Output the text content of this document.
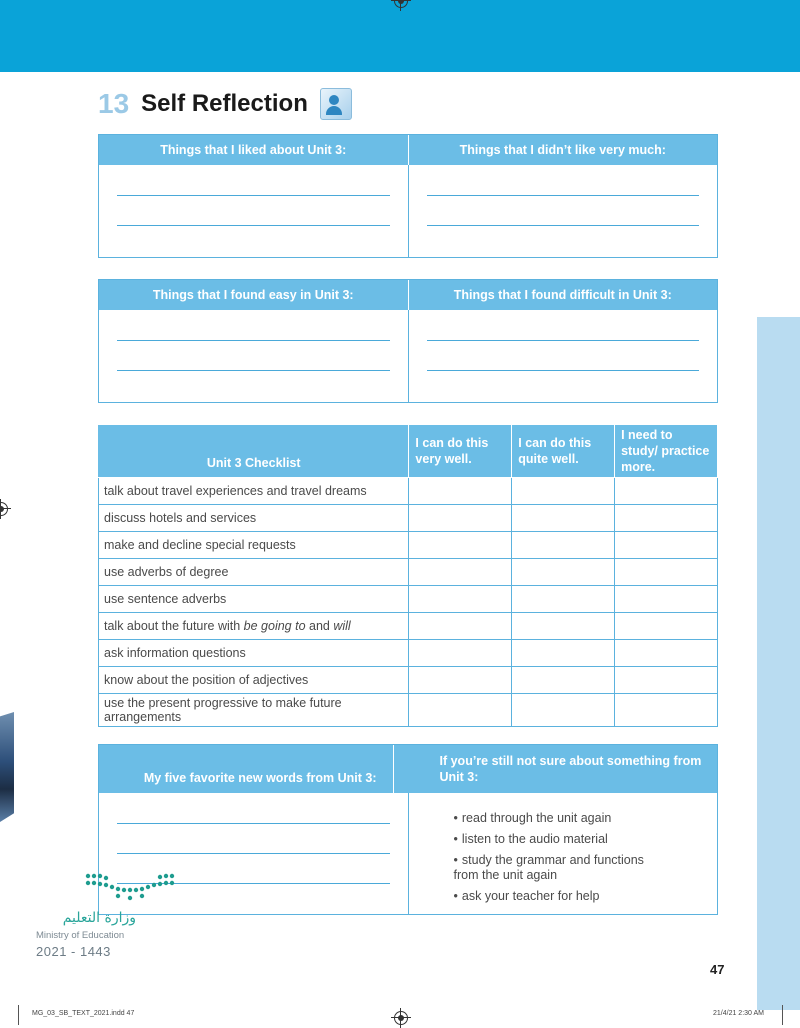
13 Self Reflection
Things that I liked about Unit 3:	Things that I didn’t like very much:
Things that I found easy in Unit 3:	Things that I found difficult in Unit 3:
Unit 3 Checklist	I can do this very well.	I can do this quite well.	I need to study/ practice more.
talk about travel experiences and travel dreams			
discuss hotels and services			
make and decline special requests			
use adverbs of degree			
use sentence adverbs			
talk about the future with be going to and will			
ask information questions			
know about the position of adjectives			
use the present progressive to make future arrangements			
My five favorite new words from Unit 3:
If you’re still not sure about something from Unit 3:
• read through the unit again
• listen to the audio material
• study the grammar and functions from the unit again
• ask your teacher for help
وزارة التعليم
Ministry of Education
2021 - 1443
47
MG_03_SB_TEXT_2021.indd 47	21/4/21 2:30 AM
